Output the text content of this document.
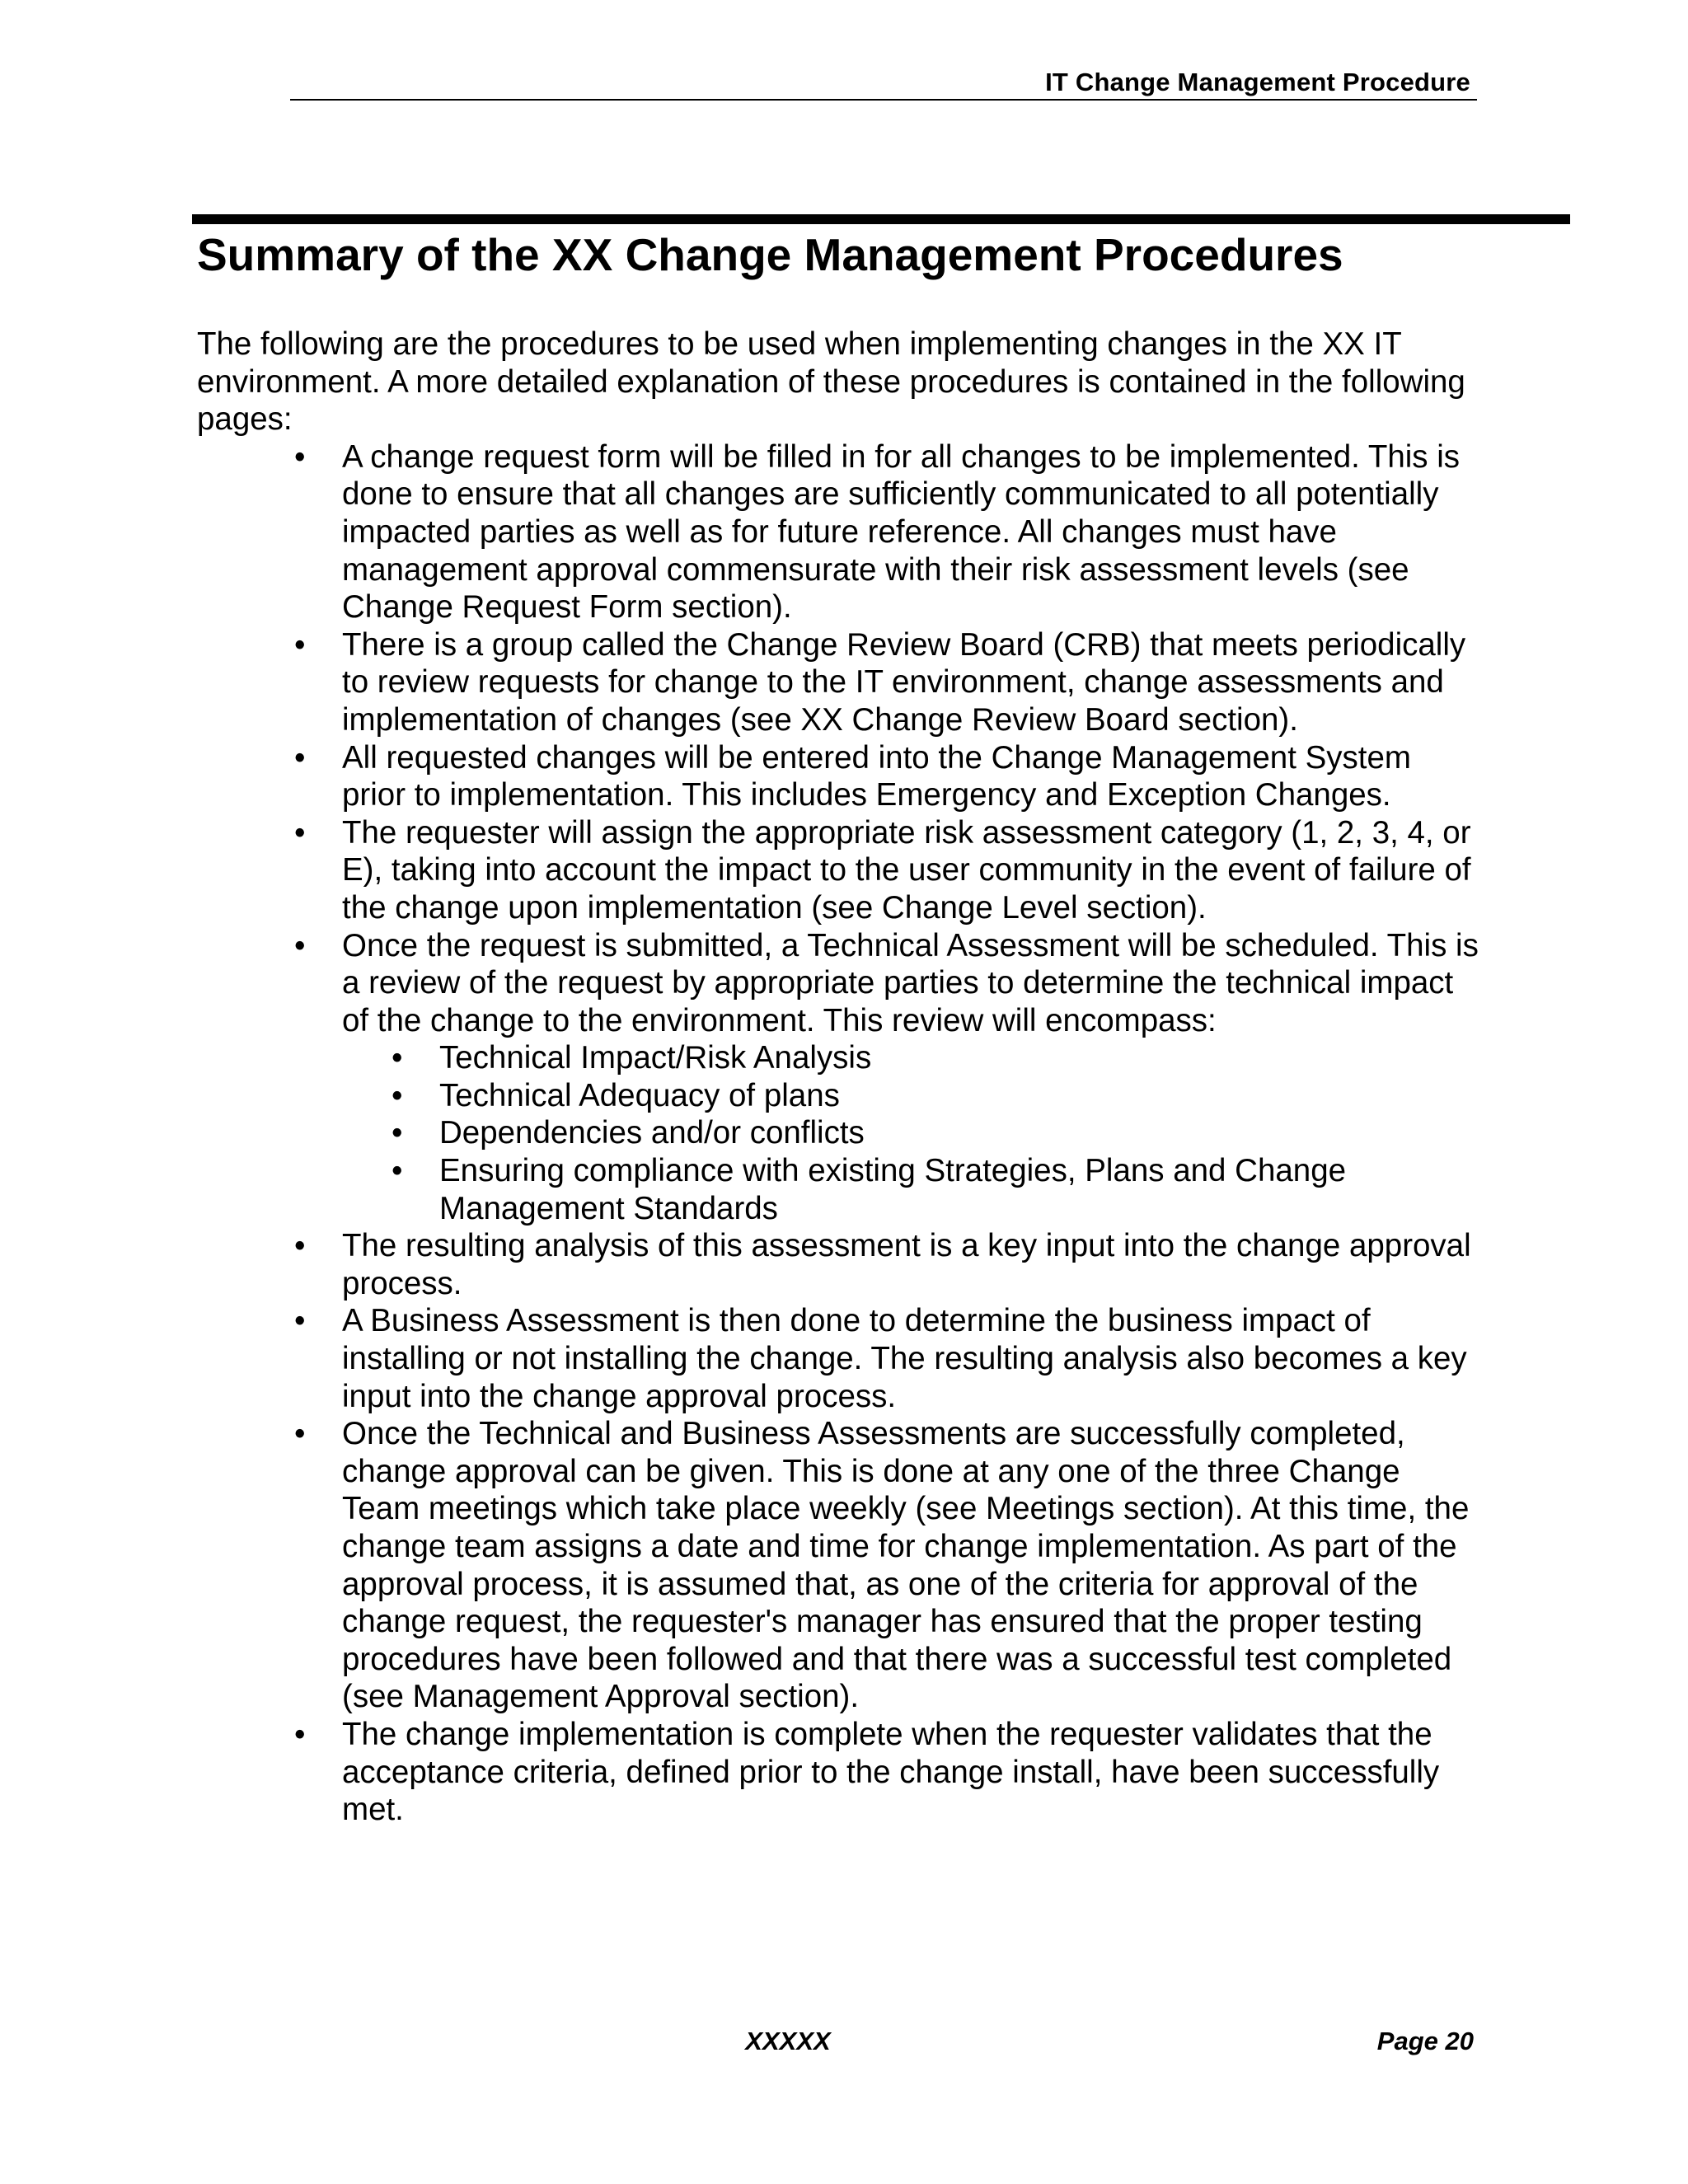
IT Change Management Procedure
Summary of the XX Change Management Procedures

The following are the procedures to be used when implementing changes in the XX IT environment. A more detailed explanation of these procedures is contained in the following pages:

• A change request form will be filled in for all changes to be implemented. This is done to ensure that all changes are sufficiently communicated to all potentially impacted parties as well as for future reference. All changes must have management approval commensurate with their risk assessment levels (see Change Request Form section).
• There is a group called the Change Review Board (CRB) that meets periodically to review requests for change to the IT environment, change assessments and implementation of changes (see XX Change Review Board section).
• All requested changes will be entered into the Change Management System prior to implementation. This includes Emergency and Exception Changes.
• The requester will assign the appropriate risk assessment category (1, 2, 3, 4, or E), taking into account the impact to the user community in the event of failure of the change upon implementation (see Change Level section).
• Once the request is submitted, a Technical Assessment will be scheduled. This is a review of the request by appropriate parties to determine the technical impact of the change to the environment. This review will encompass:
• Technical Impact/Risk Analysis
• Technical Adequacy of plans
• Dependencies and/or conflicts
• Ensuring compliance with existing Strategies, Plans and Change Management Standards
• The resulting analysis of this assessment is a key input into the change approval process.
• A Business Assessment is then done to determine the business impact of installing or not installing the change. The resulting analysis also becomes a key input into the change approval process.
• Once the Technical and Business Assessments are successfully completed, change approval can be given. This is done at any one of the three Change Team meetings which take place weekly (see Meetings section). At this time, the change team assigns a date and time for change implementation. As part of the approval process, it is assumed that, as one of the criteria for approval of the change request, the requester's manager has ensured that the proper testing procedures have been followed and that there was a successful test completed (see Management Approval section).
• The change implementation is complete when the requester validates that the acceptance criteria, defined prior to the change install, have been successfully met.
XXXXX	Page 20
